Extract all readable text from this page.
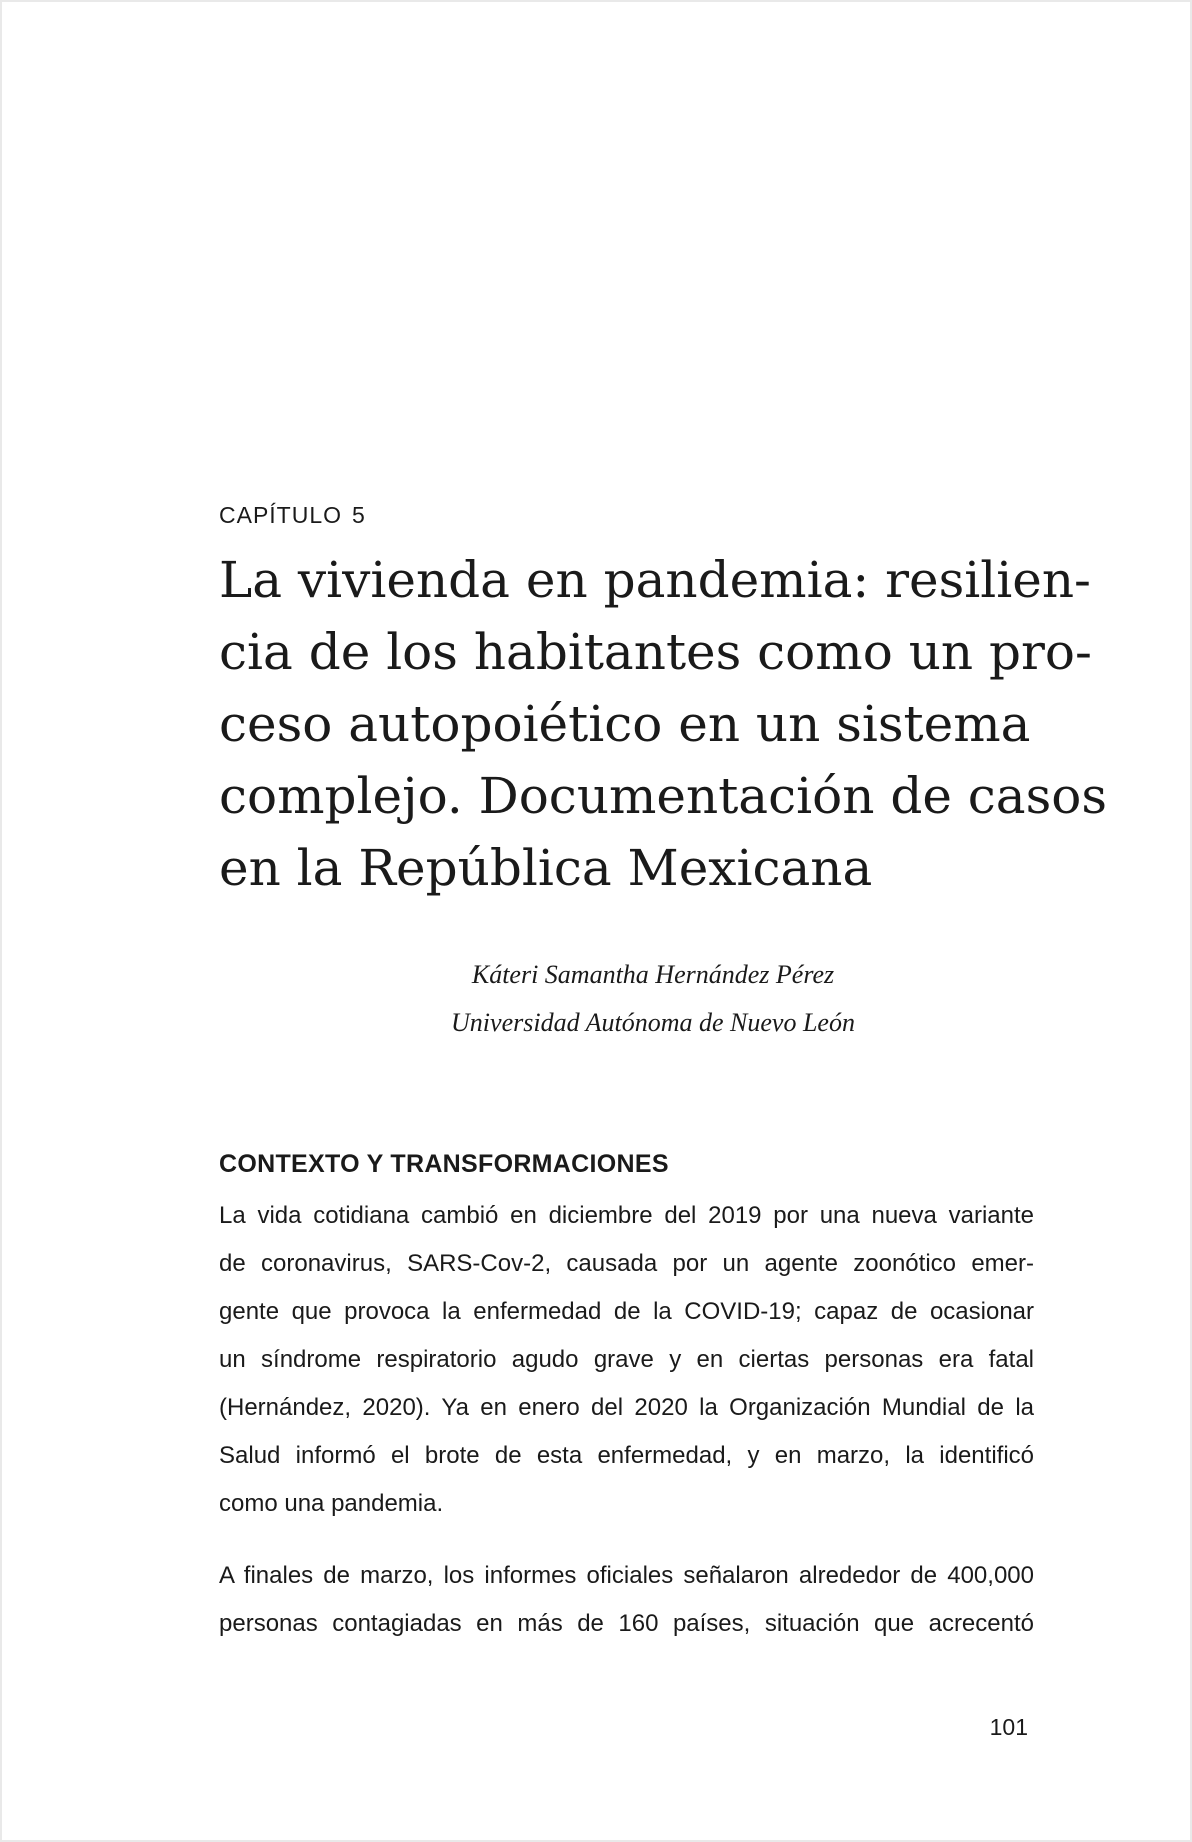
CAPÍTULO 5
La vivienda en pandemia: resilien-
cia de los habitantes como un pro-
ceso autopoiético en un sistema
complejo. Documentación de casos
en la República Mexicana
Káteri Samantha Hernández Pérez
Universidad Autónoma de Nuevo León
CONTEXTO Y TRANSFORMACIONES
La vida cotidiana cambió en diciembre del 2019 por una nueva variante
de coronavirus, SARS-Cov-2, causada por un agente zoonótico emer-
gente que provoca la enfermedad de la COVID-19; capaz de ocasionar
un síndrome respiratorio agudo grave y en ciertas personas era fatal
(Hernández, 2020). Ya en enero del 2020 la Organización Mundial de la
Salud informó el brote de esta enfermedad, y en marzo, la identificó
como una pandemia.
A finales de marzo, los informes oficiales señalaron alrededor de 400,000
personas contagiadas en más de 160 países, situación que acrecentó
101
